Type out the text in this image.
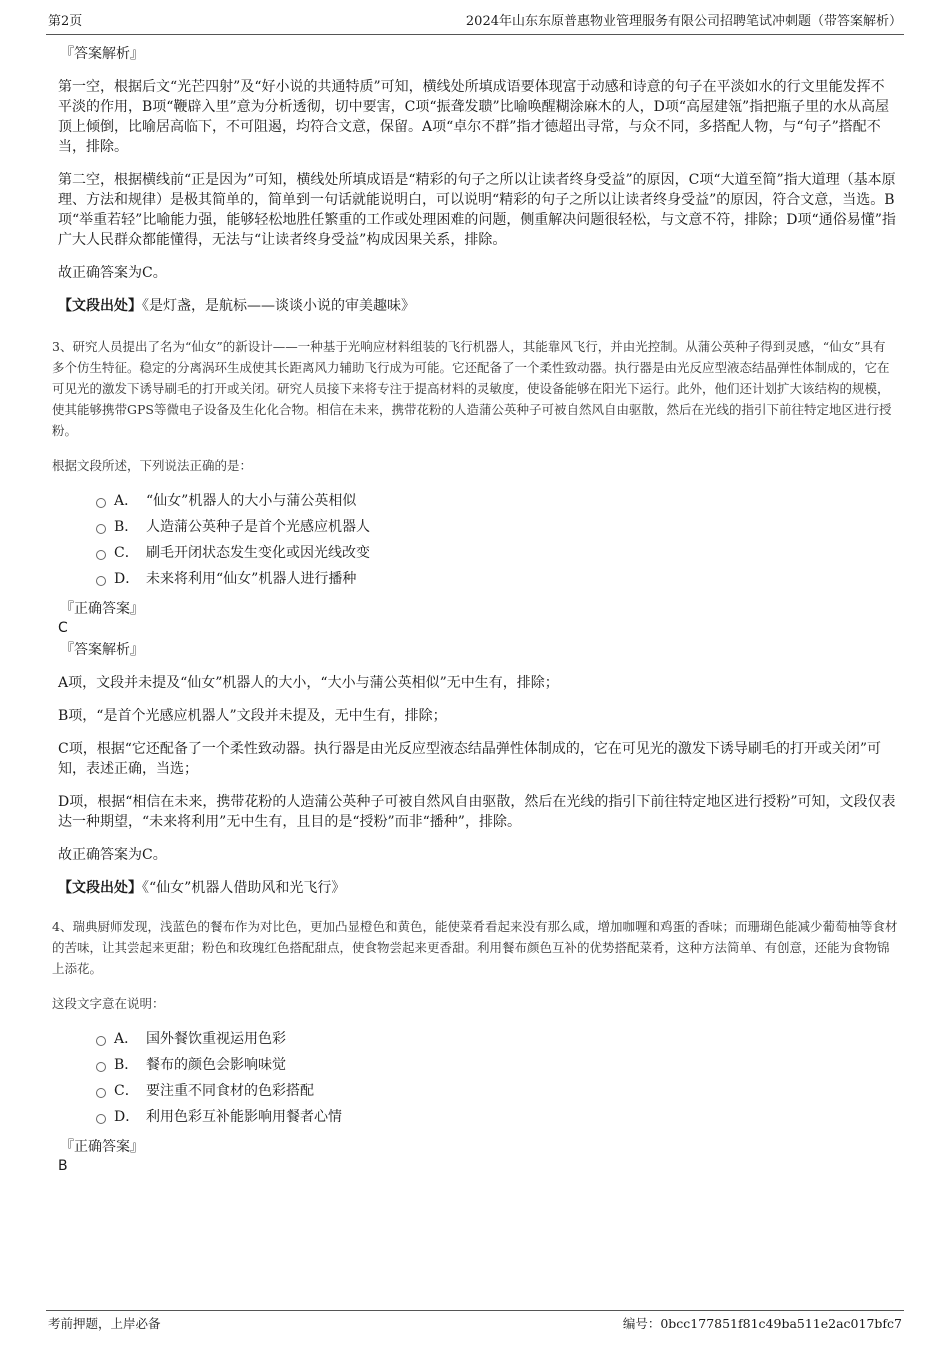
第2页	2024年山东东原普惠物业管理服务有限公司招聘笔试冲刺题（带答案解析）

『答案解析』

第一空，根据后文“光芒四射”及“好小说的共通特质”可知，横线处所填成语要体现富于动感和诗意的句子在平淡如水的行文里能发挥不平淡的作用，B项“鞭辟入里”意为分析透彻，切中要害，C项“振聋发聩”比喻唤醒糊涂麻木的人，D项“高屋建瓴”指把瓶子里的水从高屋顶上倾倒，比喻居高临下，不可阻遏，均符合文意，保留。A项“卓尔不群”指才德超出寻常，与众不同，多搭配人物，与“句子”搭配不当，排除。

第二空，根据横线前“正是因为”可知，横线处所填成语是“精彩的句子之所以让读者终身受益”的原因，C项“大道至简”指大道理（基本原理、方法和规律）是极其简单的，简单到一句话就能说明白，可以说明“精彩的句子之所以让读者终身受益”的原因，符合文意，当选。B项“举重若轻”比喻能力强，能够轻松地胜任繁重的工作或处理困难的问题，侧重解决问题很轻松，与文意不符，排除；D项“通俗易懂”指广大人民群众都能懂得，无法与“让读者终身受益”构成因果关系，排除。

故正确答案为C。

【文段出处】《是灯盏，是航标——谈谈小说的审美趣味》

3、研究人员提出了名为“仙女”的新设计——一种基于光响应材料组装的飞行机器人，其能靠风飞行，并由光控制。从蒲公英种子得到灵感，“仙女”具有多个仿生特征。稳定的分离涡环生成使其长距离风力辅助飞行成为可能。它还配备了一个柔性致动器。执行器是由光反应型液态结晶弹性体制成的，它在可见光的激发下诱导刷毛的打开或关闭。研究人员接下来将专注于提高材料的灵敏度，使设备能够在阳光下运行。此外，他们还计划扩大该结构的规模，使其能够携带GPS等微电子设备及生化化合物。相信在未来，携带花粉的人造蒲公英种子可被自然风自由驱散，然后在光线的指引下前往特定地区进行授粉。

根据文段所述，下列说法正确的是：

A． “仙女”机器人的大小与蒲公英相似
B． 人造蒲公英种子是首个光感应机器人
C． 刷毛开闭状态发生变化或因光线改变
D． 未来将利用“仙女”机器人进行播种

『正确答案』

C

『答案解析』

A项，文段并未提及“仙女”机器人的大小，“大小与蒲公英相似”无中生有，排除；

B项，“是首个光感应机器人”文段并未提及，无中生有，排除；

C项，根据“它还配备了一个柔性致动器。执行器是由光反应型液态结晶弹性体制成的，它在可见光的激发下诱导刷毛的打开或关闭”可知，表述正确，当选；

D项，根据“相信在未来，携带花粉的人造蒲公英种子可被自然风自由驱散，然后在光线的指引下前往特定地区进行授粉”可知，文段仅表达一种期望，“未来将利用”无中生有，且目的是“授粉”而非“播种”，排除。

故正确答案为C。

【文段出处】《“仙女”机器人借助风和光飞行》

4、瑞典厨师发现，浅蓝色的餐布作为对比色，更加凸显橙色和黄色，能使菜肴看起来没有那么咸，增加咖喱和鸡蛋的香味；而珊瑚色能减少葡萄柚等食材的苦味，让其尝起来更甜；粉色和玫瑰红色搭配甜点，使食物尝起来更香甜。利用餐布颜色互补的优势搭配菜肴，这种方法简单、有创意，还能为食物锦上添花。

这段文字意在说明：

A． 国外餐饮重视运用色彩
B． 餐布的颜色会影响味觉
C． 要注重不同食材的色彩搭配
D． 利用色彩互补能影响用餐者心情

『正确答案』

B

考前押题，上岸必备	编号：0bcc177851f81c49ba511e2ac017bfc7
